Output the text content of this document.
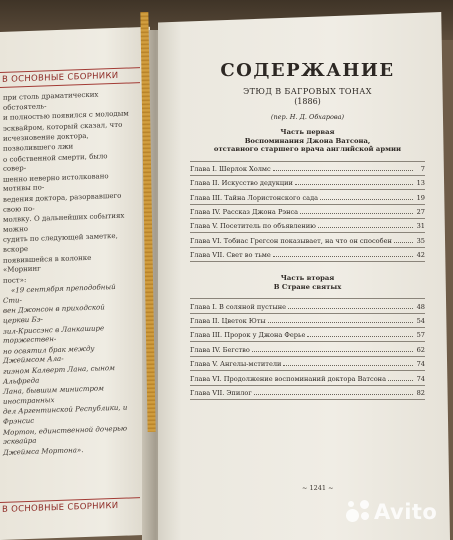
В ОСНОВНЫЕ СБОРНИКИ

при столь драматических обстоятель-

и полностью появился с молодым

эсквайром, который сказал, что

исчезновение доктора, позволившего лжи

о собственной смерти, было совер-

шенно неверно истолковано мотивы по-

ведения доктора, разорвавшего свою по-

молвку. О дальнейших событиях можно

судить по следующей заметке, вскоре

появившейся в колонке «Морнинг

пост»:

«19 сентября преподобный Сти-

вен Джонсон в приходской церкви Бэ-

зил-Криссэнс в Ланкашире торжествен-

но освятил брак между Джеймсом Ала-

гиэном Калверт Лана, сыном Альфреда

Лана, бывшим министром иностранных

дел Аргентинской Республики, и Фрэнсис

Мортон, единственной дочерью эсквайра

Джеймса Мортона».

В ОСНОВНЫЕ СБОРНИКИ
СОДЕРЖАНИЕ
ЭТЮД В БАГРОВЫХ ТОНАХ
(1886)
(пер. Н. Д. Обхарова)
Часть первая
Воспоминания Джона Ватсона,
отставного старшего врача английской армии
Глава I. Шерлок Холмс	7
Глава II. Искусство дедукции	13
Глава III. Тайна Лористонского сада	19
Глава IV. Рассказ Джона Рэнса	27
Глава V. Посетитель по объявлению	31
Глава VI. Тобиас Грегсон показывает, на что он способен	35
Глава VII. Свет во тьме	42
Часть вторая
В Стране святых
Глава I. В соляной пустыне	48
Глава II. Цветок Юты	54
Глава III. Пророк у Джона Ферье	57
Глава IV. Бегство	62
Глава V. Ангелы-мстители	74
Глава VI. Продолжение воспоминаний доктора Ватсона	74
Глава VII. Эпилог	82
~ 1241 ~
Avito
